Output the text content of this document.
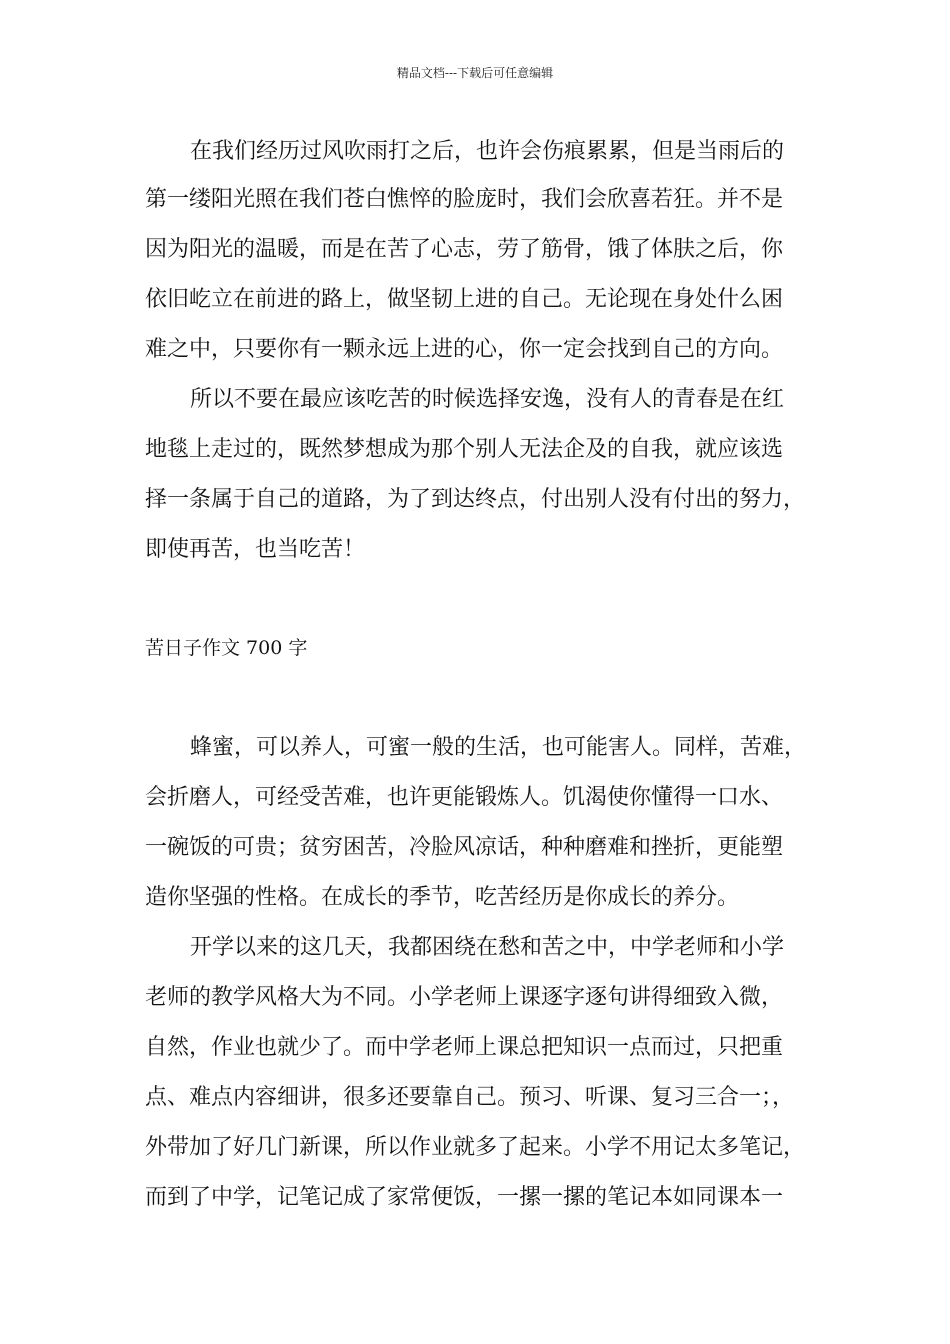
精品文档---下载后可任意编辑
在我们经历过风吹雨打之后，也许会伤痕累累，但是当雨后的
第一缕阳光照在我们苍白憔悴的脸庞时，我们会欣喜若狂。并不是
因为阳光的温暖，而是在苦了心志，劳了筋骨，饿了体肤之后，你
依旧屹立在前进的路上，做坚韧上进的自己。无论现在身处什么困
难之中，只要你有一颗永远上进的心，你一定会找到自己的方向。
所以不要在最应该吃苦的时候选择安逸，没有人的青春是在红
地毯上走过的，既然梦想成为那个别人无法企及的自我，就应该选
择一条属于自己的道路，为了到达终点，付出别人没有付出的努力，
即使再苦，也当吃苦！
苦日子作文 700 字
蜂蜜，可以养人，可蜜一般的生活，也可能害人。同样，苦难，
会折磨人，可经受苦难，也许更能锻炼人。饥渴使你懂得一口水、
一碗饭的可贵；贫穷困苦，冷脸风凉话，种种磨难和挫折，更能塑
造你坚强的性格。在成长的季节，吃苦经历是你成长的养分。
开学以来的这几天，我都困绕在愁和苦之中，中学老师和小学
老师的教学风格大为不同。小学老师上课逐字逐句讲得细致入微，
自然，作业也就少了。而中学老师上课总把知识一点而过，只把重
点、难点内容细讲，很多还要靠自己。预习、听课、复习三合一；，
外带加了好几门新课，所以作业就多了起来。小学不用记太多笔记，
而到了中学，记笔记成了家常便饭，一摞一摞的笔记本如同课本一
